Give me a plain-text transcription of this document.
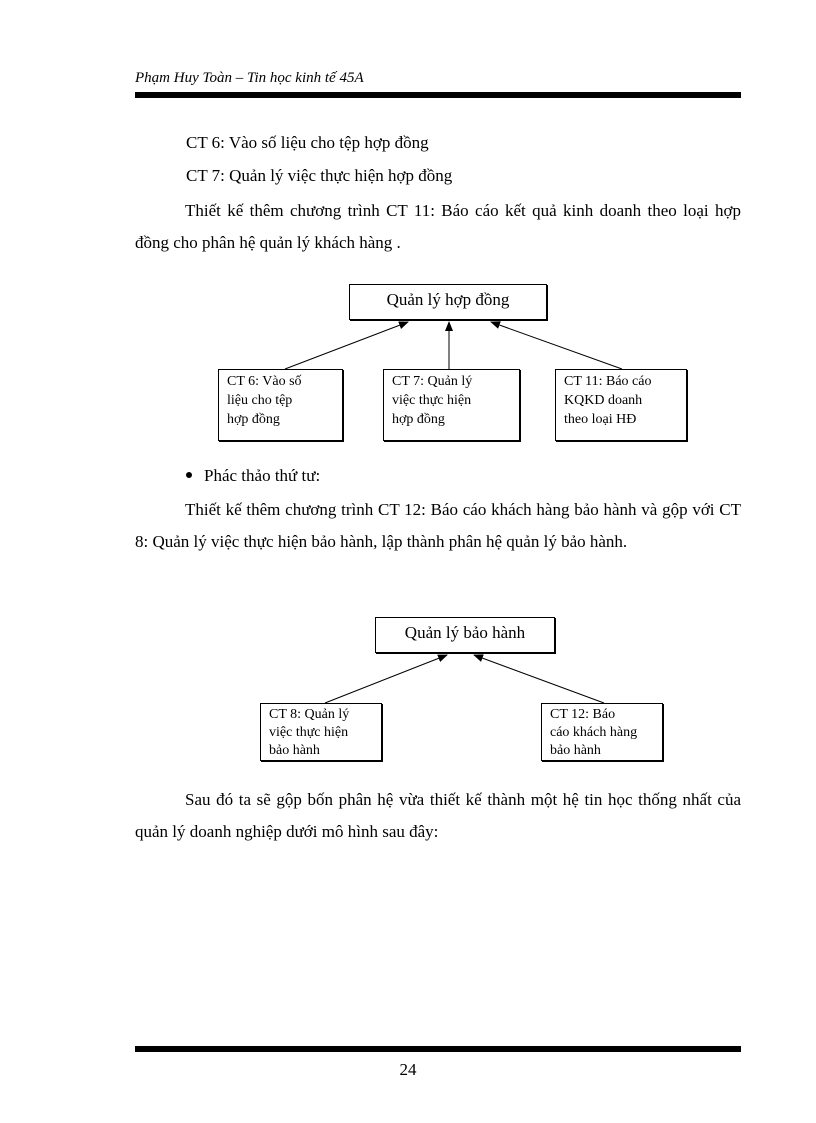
Phạm Huy Toàn – Tin học kinh tế 45A
CT 6: Vào số liệu cho tệp hợp đồng
CT 7: Quản lý việc thực hiện hợp đồng

Thiết kế thêm chương trình CT 11: Báo cáo kết quả kinh doanh theo loại hợp đồng cho phân hệ quản lý khách hàng .

Quản lý hợp đồng
CT 6: Vào số
liệu cho tệp
hợp đồng
CT 7: Quản lý
việc thực hiện
hợp đồng
CT 11: Báo cáo
KQKD doanh
theo loại HĐ
Phác thảo thứ tư:

Thiết kế thêm chương trình CT 12: Báo cáo khách hàng bảo hành và gộp với CT 8: Quản lý việc thực hiện bảo hành, lập thành phân hệ quản lý bảo hành.

Quản lý bảo hành
CT 8: Quản lý
việc thực hiện
bảo hành
CT 12: Báo
cáo khách hàng
bảo hành

Sau đó ta sẽ gộp bốn phân hệ vừa thiết kế thành một hệ tin học thống nhất của quản lý doanh nghiệp dưới mô hình sau đây:

24
